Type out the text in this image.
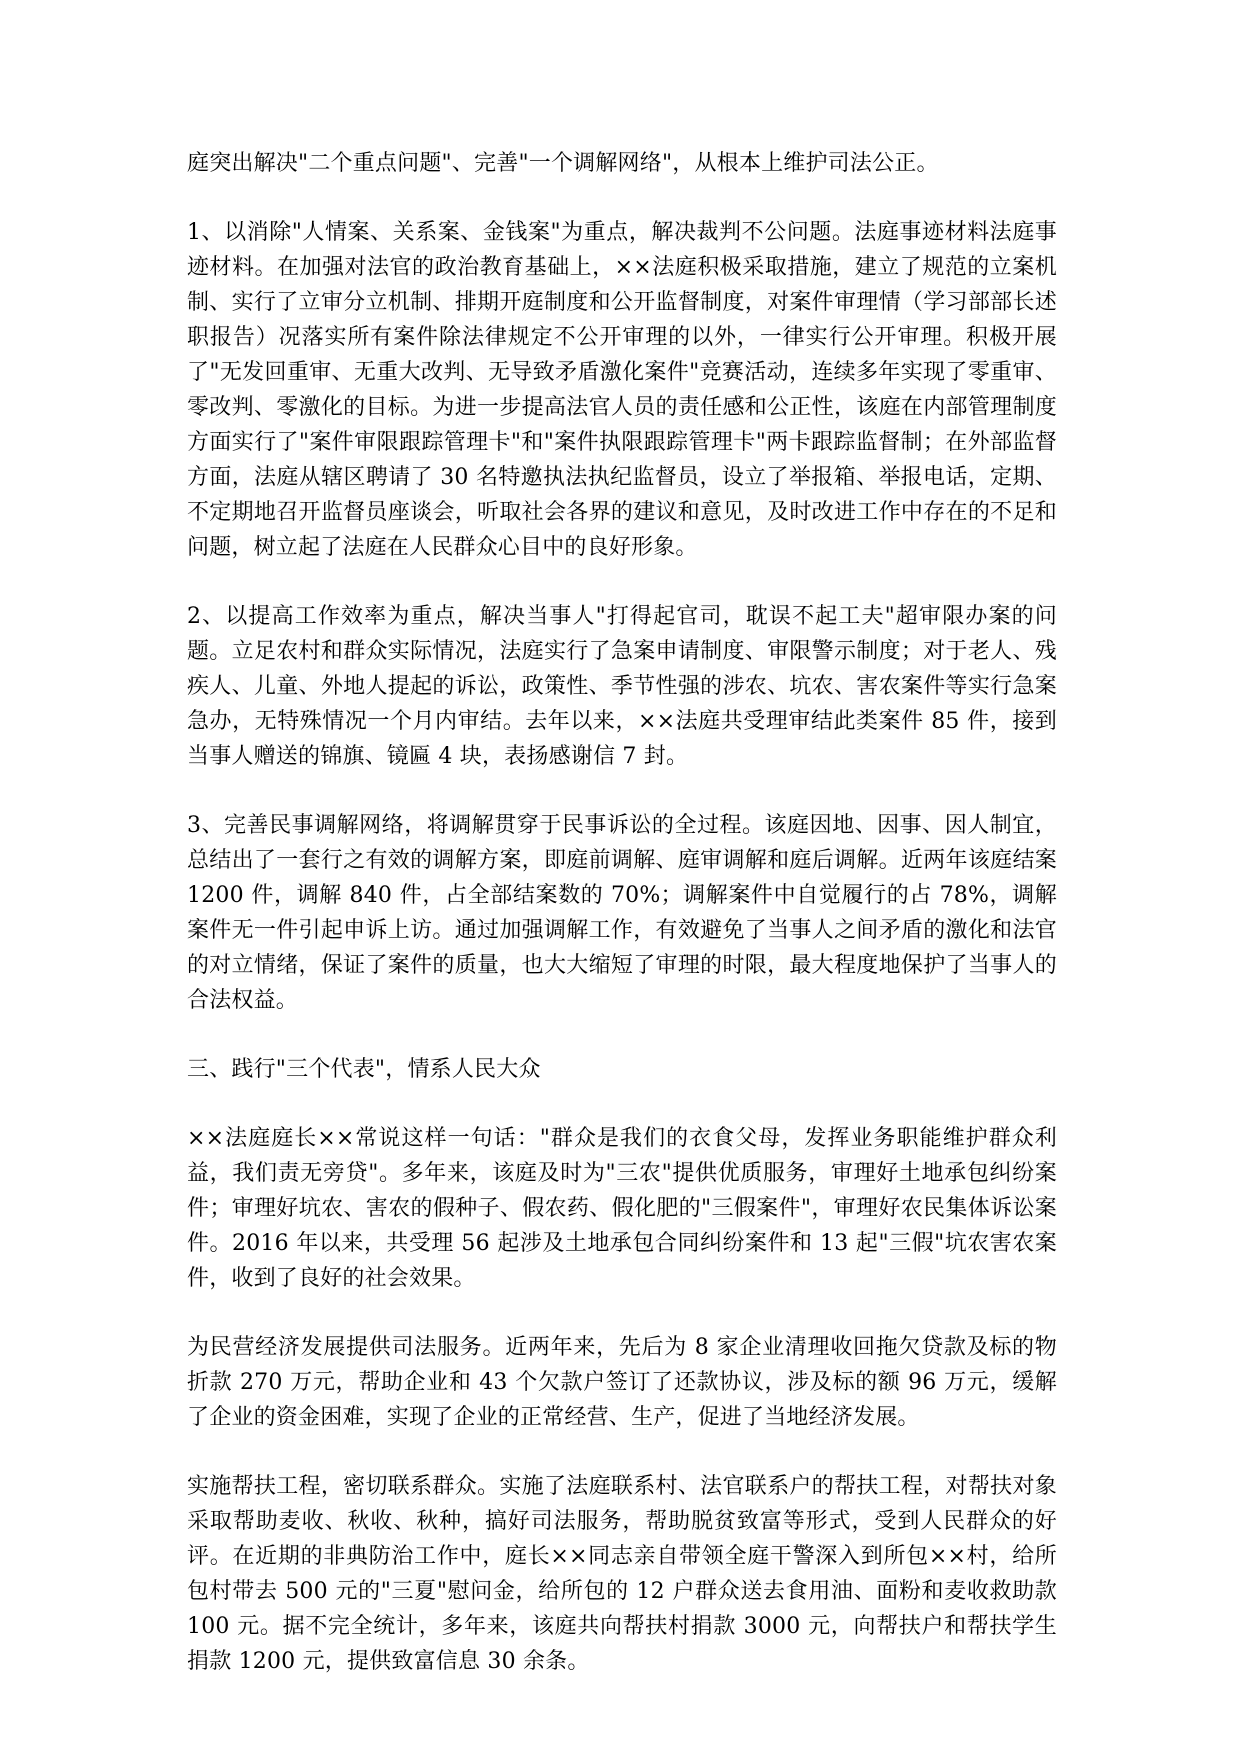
庭突出解决"二个重点问题"、完善"一个调解网络"，从根本上维护司法公正。

1、以消除"人情案、关系案、金钱案"为重点，解决裁判不公问题。法庭事迹材料法庭事迹材料。在加强对法官的政治教育基础上，××法庭积极采取措施，建立了规范的立案机制、实行了立审分立机制、排期开庭制度和公开监督制度，对案件审理情（学习部部长述职报告）况落实所有案件除法律规定不公开审理的以外，一律实行公开审理。积极开展了"无发回重审、无重大改判、无导致矛盾激化案件"竞赛活动，连续多年实现了零重审、零改判、零激化的目标。为进一步提高法官人员的责任感和公正性，该庭在内部管理制度方面实行了"案件审限跟踪管理卡"和"案件执限跟踪管理卡"两卡跟踪监督制；在外部监督方面，法庭从辖区聘请了 30 名特邀执法执纪监督员，设立了举报箱、举报电话，定期、不定期地召开监督员座谈会，听取社会各界的建议和意见，及时改进工作中存在的不足和问题，树立起了法庭在人民群众心目中的良好形象。

2、以提高工作效率为重点，解决当事人"打得起官司，耽误不起工夫"超审限办案的问题。立足农村和群众实际情况，法庭实行了急案申请制度、审限警示制度；对于老人、残疾人、儿童、外地人提起的诉讼，政策性、季节性强的涉农、坑农、害农案件等实行急案急办，无特殊情况一个月内审结。去年以来，××法庭共受理审结此类案件 85 件，接到当事人赠送的锦旗、镜匾 4 块，表扬感谢信 7 封。

3、完善民事调解网络，将调解贯穿于民事诉讼的全过程。该庭因地、因事、因人制宜，总结出了一套行之有效的调解方案，即庭前调解、庭审调解和庭后调解。近两年该庭结案 1200 件，调解 840 件，占全部结案数的 70%；调解案件中自觉履行的占 78%，调解案件无一件引起申诉上访。通过加强调解工作，有效避免了当事人之间矛盾的激化和法官的对立情绪，保证了案件的质量，也大大缩短了审理的时限，最大程度地保护了当事人的合法权益。

三、践行"三个代表"，情系人民大众

××法庭庭长××常说这样一句话："群众是我们的衣食父母，发挥业务职能维护群众利益，我们责无旁贷"。多年来，该庭及时为"三农"提供优质服务，审理好土地承包纠纷案件；审理好坑农、害农的假种子、假农药、假化肥的"三假案件"，审理好农民集体诉讼案件。2016 年以来，共受理 56 起涉及土地承包合同纠纷案件和 13 起"三假"坑农害农案件，收到了良好的社会效果。

为民营经济发展提供司法服务。近两年来，先后为 8 家企业清理收回拖欠贷款及标的物折款 270 万元，帮助企业和 43 个欠款户签订了还款协议，涉及标的额 96 万元，缓解了企业的资金困难，实现了企业的正常经营、生产，促进了当地经济发展。

实施帮扶工程，密切联系群众。实施了法庭联系村、法官联系户的帮扶工程，对帮扶对象采取帮助麦收、秋收、秋种，搞好司法服务，帮助脱贫致富等形式，受到人民群众的好评。在近期的非典防治工作中，庭长××同志亲自带领全庭干警深入到所包××村，给所包村带去 500 元的"三夏"慰问金，给所包的 12 户群众送去食用油、面粉和麦收救助款 100 元。据不完全统计，多年来，该庭共向帮扶村捐款 3000 元，向帮扶户和帮扶学生捐款 1200 元，提供致富信息 30 余条。
